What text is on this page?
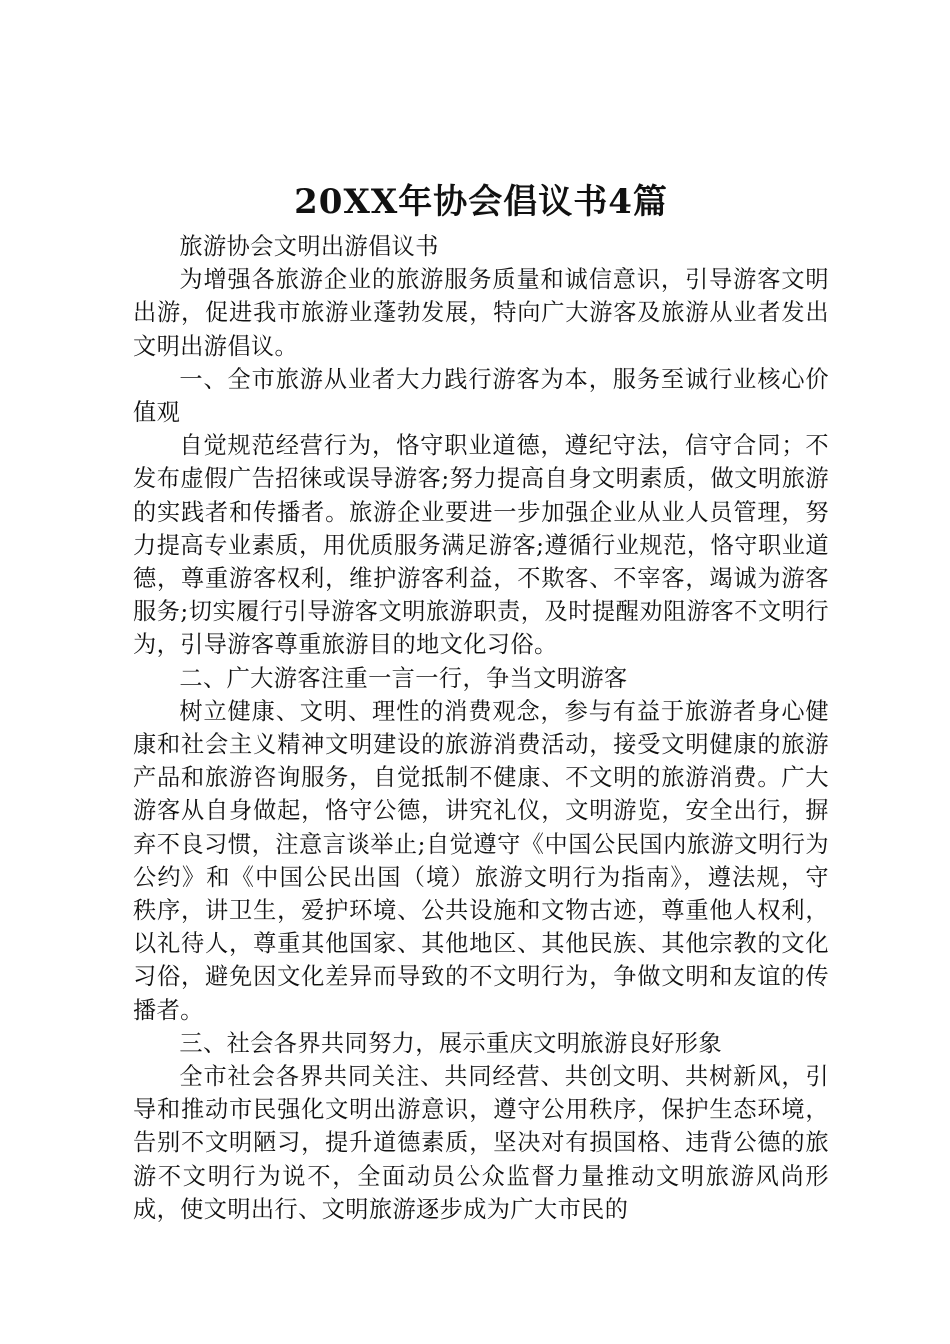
20XX年协会倡议书4篇

旅游协会文明出游倡议书

为增强各旅游企业的旅游服务质量和诚信意识，引导游客文明出游，促进我市旅游业蓬勃发展，特向广大游客及旅游从业者发出文明出游倡议。

一、全市旅游从业者大力践行游客为本，服务至诚行业核心价值观

自觉规范经营行为，恪守职业道德，遵纪守法，信守合同；不发布虚假广告招徕或误导游客;努力提高自身文明素质，做文明旅游的实践者和传播者。旅游企业要进一步加强企业从业人员管理，努力提高专业素质，用优质服务满足游客;遵循行业规范，恪守职业道德，尊重游客权利，维护游客利益，不欺客、不宰客，竭诚为游客服务;切实履行引导游客文明旅游职责，及时提醒劝阻游客不文明行为，引导游客尊重旅游目的地文化习俗。

二、广大游客注重一言一行，争当文明游客

树立健康、文明、理性的消费观念，参与有益于旅游者身心健康和社会主义精神文明建设的旅游消费活动，接受文明健康的旅游产品和旅游咨询服务，自觉抵制不健康、不文明的旅游消费。广大游客从自身做起，恪守公德，讲究礼仪，文明游览，安全出行，摒弃不良习惯，注意言谈举止;自觉遵守《中国公民国内旅游文明行为公约》和《中国公民出国（境）旅游文明行为指南》，遵法规，守秩序，讲卫生，爱护环境、公共设施和文物古迹，尊重他人权利，以礼待人，尊重其他国家、其他地区、其他民族、其他宗教的文化习俗，避免因文化差异而导致的不文明行为，争做文明和友谊的传播者。

三、社会各界共同努力，展示重庆文明旅游良好形象

全市社会各界共同关注、共同经营、共创文明、共树新风，引导和推动市民强化文明出游意识，遵守公用秩序，保护生态环境，告别不文明陋习，提升道德素质，坚决对有损国格、违背公德的旅游不文明行为说不，全面动员公众监督力量推动文明旅游风尚形成，使文明出行、文明旅游逐步成为广大市民的
